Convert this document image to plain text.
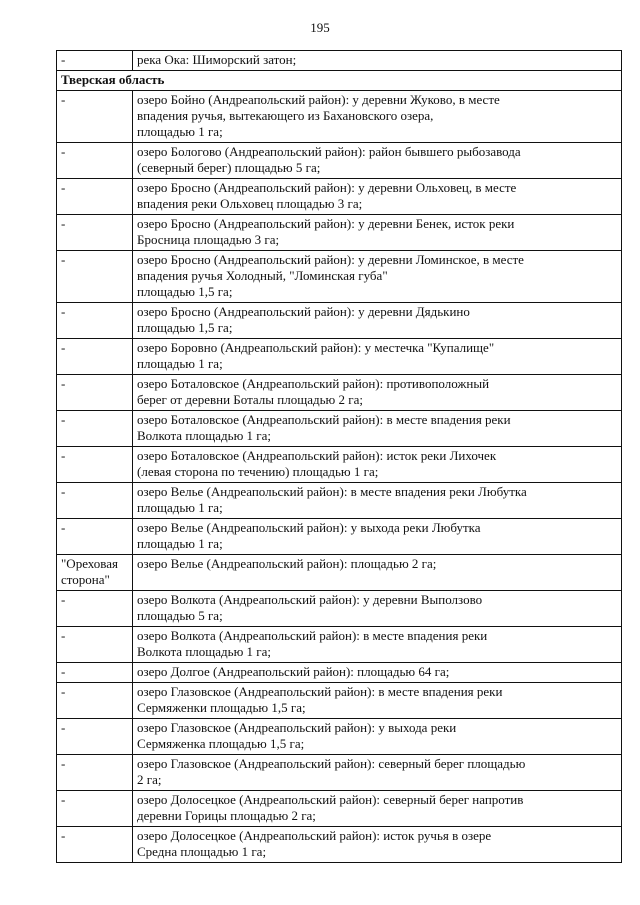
195
-	река Ока: Шиморский затон;
Тверская область	
-	озеро Бойно (Андреапольский район): у деревни Жуково, в месте
впадения ручья, вытекающего из Бахановского озера,
площадью 1 га;
-	озеро Бологово (Андреапольский район): район бывшего рыбозавода
(северный берег) площадью 5 га;
-	озеро Бросно (Андреапольский район): у деревни Ольховец, в месте
впадения реки Ольховец площадью 3 га;
-	озеро Бросно (Андреапольский район): у деревни Бенек, исток реки
Бросница площадью 3 га;
-	озеро Бросно (Андреапольский район): у деревни Ломинское, в месте
впадения ручья Холодный, "Ломинская губа"
площадью 1,5 га;
-	озеро Бросно (Андреапольский район): у деревни Дядькино
площадью 1,5 га;
-	озеро Боровно (Андреапольский район): у местечка "Купалище"
площадью 1 га;
-	озеро Боталовское (Андреапольский район): противоположный
берег от деревни Боталы площадью 2 га;
-	озеро Боталовское (Андреапольский район): в месте впадения реки
Волкота площадью 1 га;
-	озеро Боталовское (Андреапольский район): исток реки Лихочек
(левая сторона по течению) площадью 1 га;
-	озеро Велье (Андреапольский район): в месте впадения реки Любутка
площадью 1 га;
-	озеро Велье (Андреапольский район): у выхода реки Любутка
площадью 1 га;
"Ореховая
сторона"	озеро Велье (Андреапольский район): площадью 2 га;
-	озеро Волкота (Андреапольский район): у деревни Выползово
площадью 5 га;
-	озеро Волкота (Андреапольский район): в месте впадения реки
Волкота площадью 1 га;
-	озеро Долгое (Андреапольский район): площадью 64 га;
-	озеро Глазовское (Андреапольский район): в месте впадения реки
Сермяженки площадью 1,5 га;
-	озеро Глазовское (Андреапольский район): у выхода реки
Сермяженка площадью 1,5 га;
-	озеро Глазовское (Андреапольский район): северный берег площадью
2 га;
-	озеро Долосецкое (Андреапольский район): северный берег напротив
деревни Горицы площадью 2 га;
-	озеро Долосецкое (Андреапольский район): исток ручья в озере
Средна площадью 1 га;
